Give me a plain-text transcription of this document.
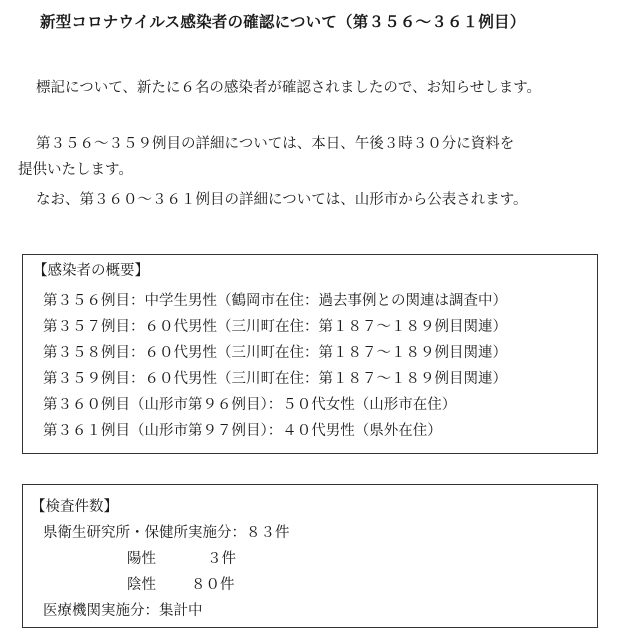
新型コロナウイルス感染者の確認について（第３５６～３６１例目）
標記について、新たに６名の感染者が確認されましたので、お知らせします。
第３５６～３５９例目の詳細については、本日、午後３時３０分に資料を
提供いたします。
なお、第３６０～３６１例目の詳細については、山形市から公表されます。
【感染者の概要】
第３５６例目：中学生男性（鶴岡市在住：過去事例との関連は調査中）
第３５７例目：６０代男性（三川町在住：第１８７～１８９例目関連）
第３５８例目：６０代男性（三川町在住：第１８７～１８９例目関連）
第３５９例目：６０代男性（三川町在住：第１８７～１８９例目関連）
第３６０例目（山形市第９６例目）：５０代女性（山形市在住）
第３６１例目（山形市第９７例目）：４０代男性（県外在住）
【検査件数】
県衛生研究所・保健所実施分：８３件
陽性	３件
陰性 ８０件
医療機関実施分：集計中
